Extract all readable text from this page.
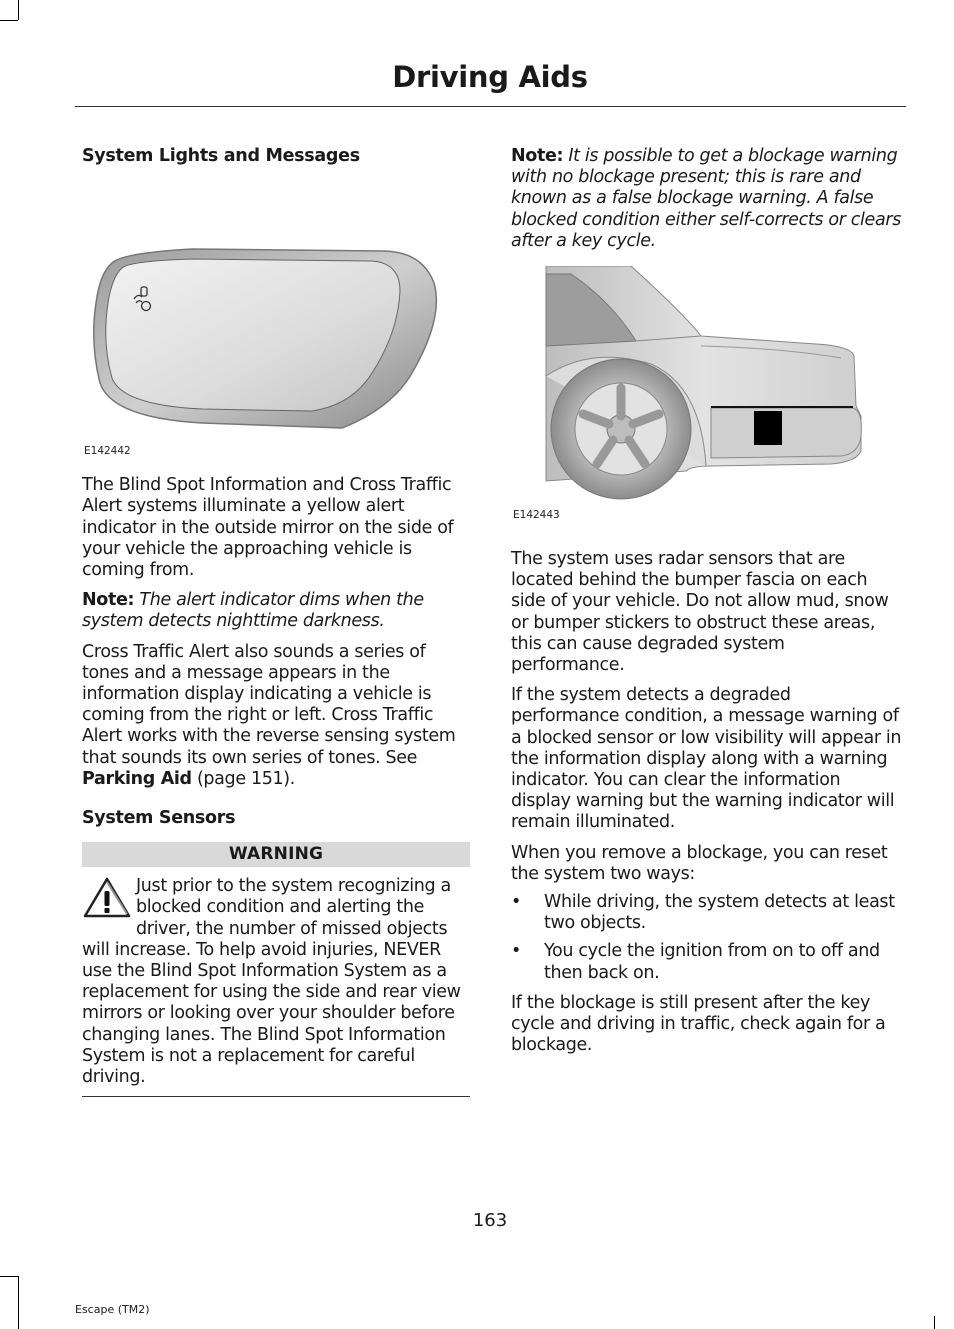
Driving Aids

System Lights and Messages

E142442

The Blind Spot Information and Cross Traffic Alert systems illuminate a yellow alert indicator in the outside mirror on the side of your vehicle the approaching vehicle is coming from.

Note: The alert indicator dims when the system detects nighttime darkness.

Cross Traffic Alert also sounds a series of tones and a message appears in the information display indicating a vehicle is coming from the right or left. Cross Traffic Alert works with the reverse sensing system that sounds its own series of tones. See Parking Aid (page 151).

System Sensors

WARNING

Just prior to the system recognizing a blocked condition and alerting the driver, the number of missed objects will increase. To help avoid injuries, NEVER use the Blind Spot Information System as a replacement for using the side and rear view mirrors or looking over your shoulder before changing lanes. The Blind Spot Information System is not a replacement for careful driving.

Note: It is possible to get a blockage warning with no blockage present; this is rare and known as a false blockage warning. A false blocked condition either self-corrects or clears after a key cycle.

E142443

The system uses radar sensors that are located behind the bumper fascia on each side of your vehicle. Do not allow mud, snow or bumper stickers to obstruct these areas, this can cause degraded system performance.

If the system detects a degraded performance condition, a message warning of a blocked sensor or low visibility will appear in the information display along with a warning indicator. You can clear the information display warning but the warning indicator will remain illuminated.

When you remove a blockage, you can reset the system two ways:

• While driving, the system detects at least two objects.
• You cycle the ignition from on to off and then back on.

If the blockage is still present after the key cycle and driving in traffic, check again for a blockage.

163
Escape (TM2)
